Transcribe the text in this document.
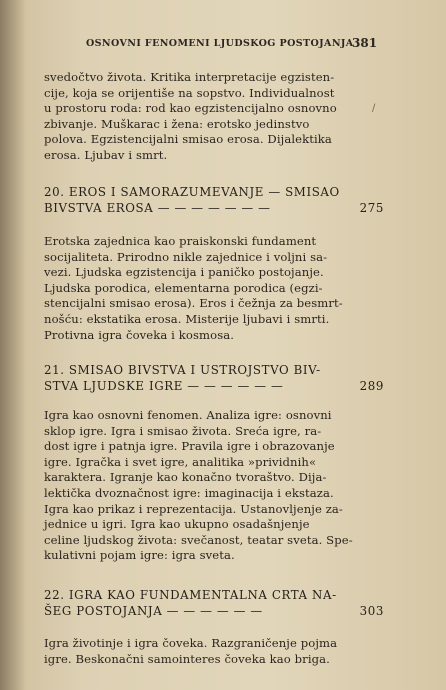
OSNOVNI FENOMENI LJUDSKOG POSTOJANJA
381
/
svedočtvo života. Kritika interpretacije egzisten-
cije, koja se orijentiše na sopstvo. Individualnost
u prostoru roda: rod kao egzistencijalno osnovno
zbivanje. Muškarac i žena: erotsko jedinstvo
polova. Egzistencijalni smisao erosa. Dijalektika
erosa. Ljubav i smrt.
20. EROS I SAMORAZUMEVANJE — SMISAO
BIVSTVA EROSA — — — — — — —	275
Erotska zajednica kao praiskonski fundament
socijaliteta. Prirodno nikle zajednice i voljni sa-
vezi. Ljudska egzistencija i paničko postojanje.
Ljudska porodica, elementarna porodica (egzi-
stencijalni smisao erosa). Eros i čežnja za besmrt-
nošću: ekstatika erosa. Misterije ljubavi i smrti.
Protivna igra čoveka i kosmosa.
21. SMISAO BIVSTVA I USTROJSTVO BIV-
STVA LJUDSKE IGRE — — — — — —	289
Igra kao osnovni fenomen. Analiza igre: osnovni
sklop igre. Igra i smisao života. Sreća igre, ra-
dost igre i patnja igre. Pravila igre i obrazovanje
igre. Igračka i svet igre, analitika »prividnih«
karaktera. Igranje kao konačno tvoraštvo. Dija-
lektička dvoznačnost igre: imaginacija i ekstaza.
Igra kao prikaz i reprezentacija. Ustanovljenje za-
jednice u igri. Igra kao ukupno osadašnjenje
celine ljudskog života: svečanost, teatar sveta. Spe-
kulativni pojam igre: igra sveta.
22. IGRA KAO FUNDAMENTALNA CRTA NA-
ŠEG POSTOJANJA — — — — — —	303
Igra životinje i igra čoveka. Razgraničenje pojma
igre. Beskonačni samointeres čoveka kao briga.
